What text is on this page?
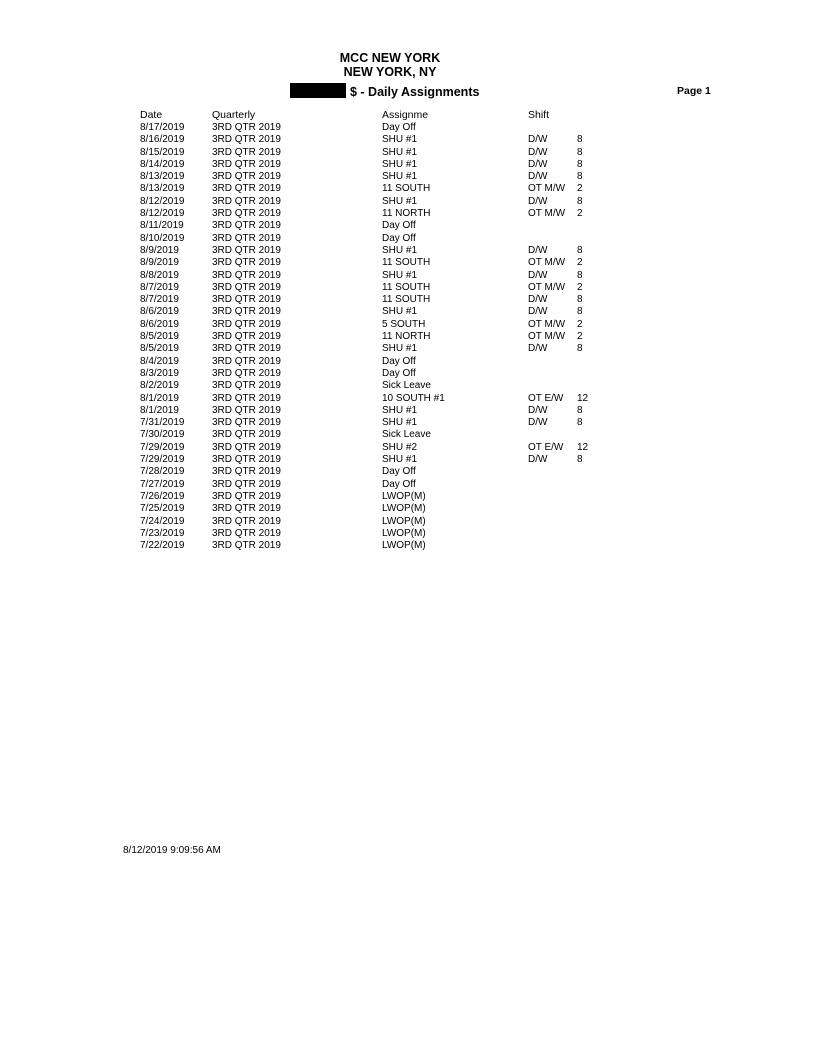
MCC NEW YORK
NEW YORK, NY
$ - Daily Assignments	Page 1
Date	Quarterly	Assignme	Shift
8/17/2019	3RD QTR 2019	Day Off
8/16/2019	3RD QTR 2019	SHU #1	D/W	8
8/15/2019	3RD QTR 2019	SHU #1	D/W	8
8/14/2019	3RD QTR 2019	SHU #1	D/W	8
8/13/2019	3RD QTR 2019	SHU #1	D/W	8
8/13/2019	3RD QTR 2019	11 SOUTH	OT M/W 2
8/12/2019	3RD QTR 2019	SHU #1	D/W	8
8/12/2019	3RD QTR 2019	11 NORTH	OT M/W 2
8/11/2019	3RD QTR 2019	Day Off
8/10/2019	3RD QTR 2019	Day Off
8/9/2019	3RD QTR 2019	SHU #1	D/W	8
8/9/2019	3RD QTR 2019	11 SOUTH	OT M/W 2
8/8/2019	3RD QTR 2019	SHU #1	D/W	8
8/7/2019	3RD QTR 2019	11 SOUTH	OT M/W 2
8/7/2019	3RD QTR 2019	11 SOUTH	D/W	8
8/6/2019	3RD QTR 2019	SHU #1	D/W	8
8/6/2019	3RD QTR 2019	5 SOUTH	OT M/W 2
8/5/2019	3RD QTR 2019	11 NORTH	OT M/W 2
8/5/2019	3RD QTR 2019	SHU #1	D/W	8
8/4/2019	3RD QTR 2019	Day Off
8/3/2019	3RD QTR 2019	Day Off
8/2/2019	3RD QTR 2019	Sick Leave
8/1/2019	3RD QTR 2019	10 SOUTH #1	OT E/W 12
8/1/2019	3RD QTR 2019	SHU #1	D/W	8
7/31/2019	3RD QTR 2019	SHU #1	D/W	8
7/30/2019	3RD QTR 2019	Sick Leave
7/29/2019	3RD QTR 2019	SHU #2	OT E/W 12
7/29/2019	3RD QTR 2019	SHU #1	D/W	8
7/28/2019	3RD QTR 2019	Day Off
7/27/2019	3RD QTR 2019	Day Off
7/26/2019	3RD QTR 2019	LWOP(M)
7/25/2019	3RD QTR 2019	LWOP(M)
7/24/2019	3RD QTR 2019	LWOP(M)
7/23/2019	3RD QTR 2019	LWOP(M)
7/22/2019	3RD QTR 2019	LWOP(M)
8/12/2019 9:09:56 AM
